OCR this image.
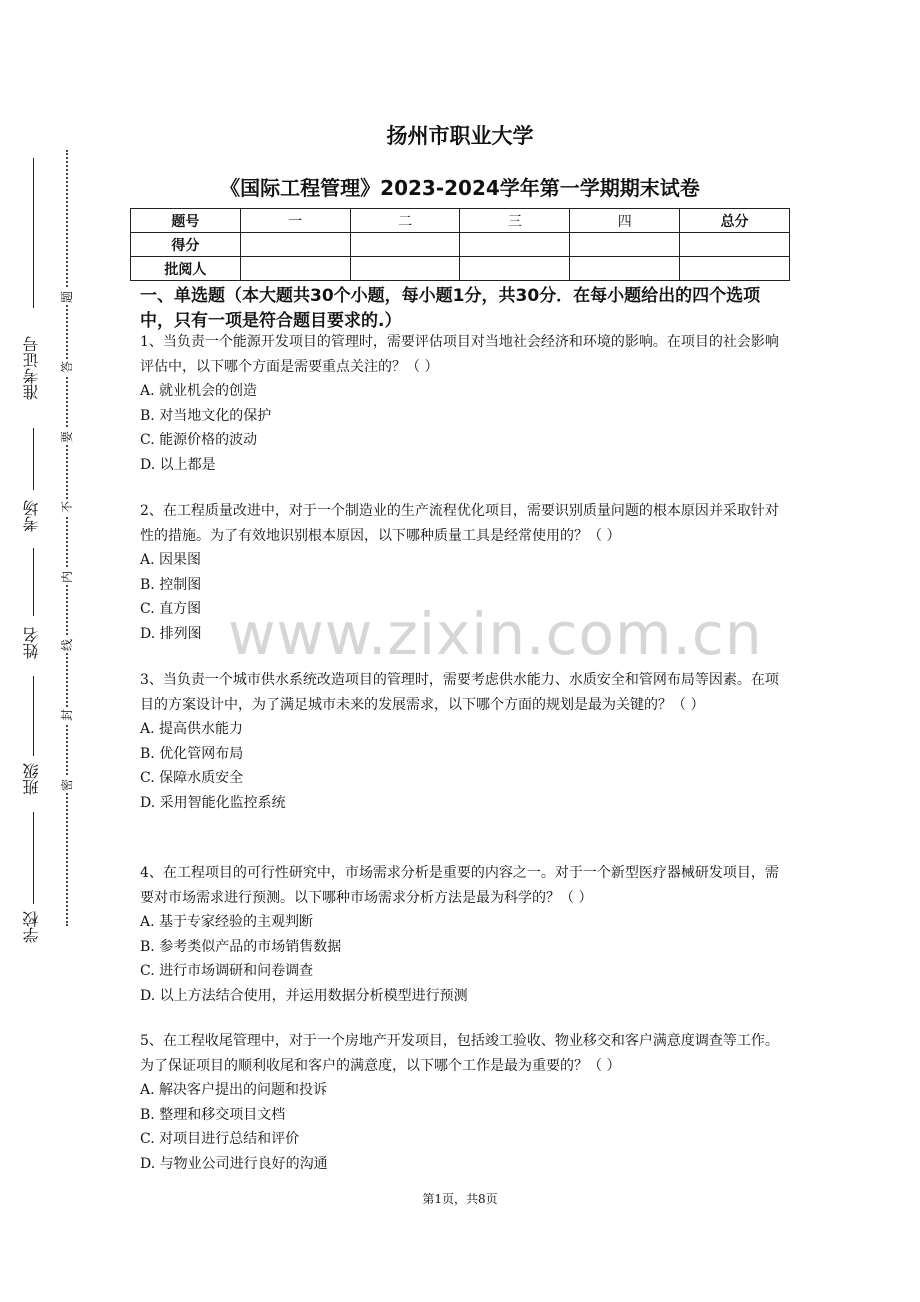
准考证号
考场
姓名
班级
学校
题
答
要
不
内
线
封
密
www.zixin.com.cn
扬州市职业大学
《国际工程管理》2023-2024学年第一学期期末试卷
题号	一	二	三	四	总分
得分					
批阅人					
一、单选题（本大题共30个小题，每小题1分，共30分．在每小题给出的四个选项中，只有一项是符合题目要求的.）

1、当负责一个能源开发项目的管理时，需要评估项目对当地社会经济和环境的影响。在项目的社会影响评估中，以下哪个方面是需要重点关注的？（ ）

A. 就业机会的创造

B. 对当地文化的保护

C. 能源价格的波动

D. 以上都是

2、在工程质量改进中，对于一个制造业的生产流程优化项目，需要识别质量问题的根本原因并采取针对性的措施。为了有效地识别根本原因，以下哪种质量工具是经常使用的？（ ）

A. 因果图

B. 控制图

C. 直方图

D. 排列图

3、当负责一个城市供水系统改造项目的管理时，需要考虑供水能力、水质安全和管网布局等因素。在项目的方案设计中，为了满足城市未来的发展需求，以下哪个方面的规划是最为关键的？（ ）

A. 提高供水能力

B. 优化管网布局

C. 保障水质安全

D. 采用智能化监控系统

4、在工程项目的可行性研究中，市场需求分析是重要的内容之一。对于一个新型医疗器械研发项目，需要对市场需求进行预测。以下哪种市场需求分析方法是最为科学的？（ ）

A. 基于专家经验的主观判断

B. 参考类似产品的市场销售数据

C. 进行市场调研和问卷调查

D. 以上方法结合使用，并运用数据分析模型进行预测

5、在工程收尾管理中，对于一个房地产开发项目，包括竣工验收、物业移交和客户满意度调查等工作。为了保证项目的顺利收尾和客户的满意度，以下哪个工作是最为重要的？（ ）

A. 解决客户提出的问题和投诉

B. 整理和移交项目文档

C. 对项目进行总结和评价

D. 与物业公司进行良好的沟通

第1页，共8页
